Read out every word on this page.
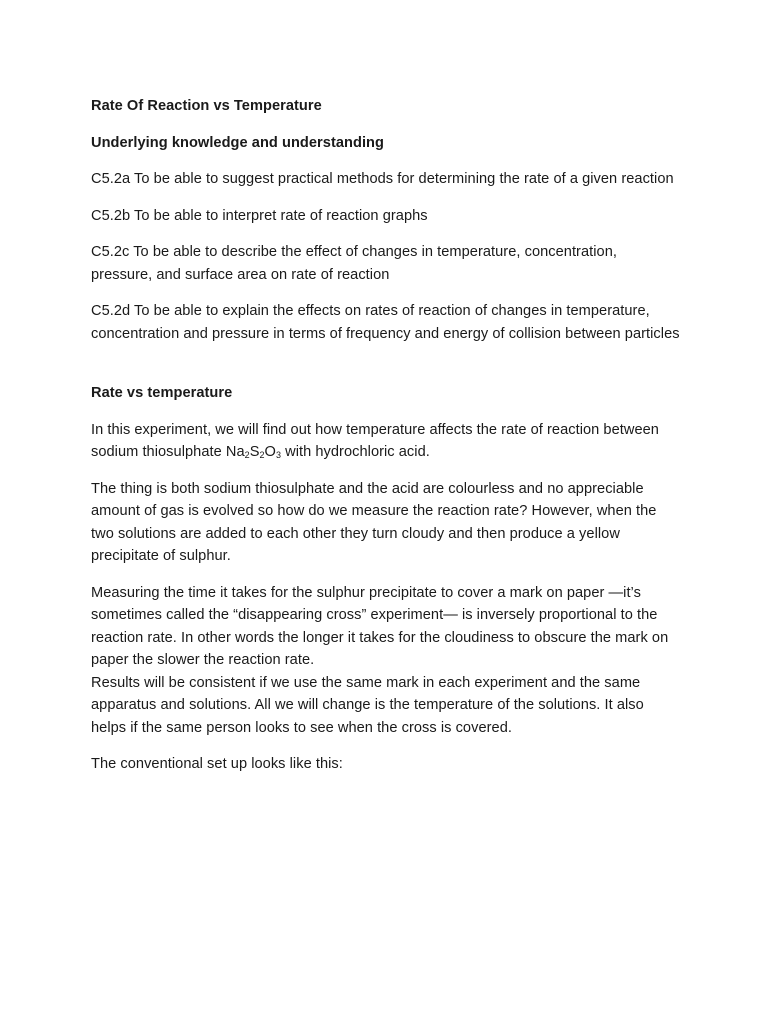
Rate Of Reaction vs Temperature

Underlying knowledge and understanding

C5.2a To be able to suggest practical methods for determining the rate of a given reaction

C5.2b To be able to interpret rate of reaction graphs

C5.2c To be able to describe the effect of changes in temperature, concentration, pressure, and surface area on rate of reaction

C5.2d To be able to explain the effects on rates of reaction of changes in temperature, concentration and pressure in terms of frequency and energy of collision between particles

Rate vs temperature

In this experiment, we will find out how temperature affects the rate of reaction between sodium thiosulphate $Na_2S_2O_3$ with hydrochloric acid.

The thing is both sodium thiosulphate and the acid are colourless and no appreciable amount of gas is evolved so how do we measure the reaction rate? However, when the two solutions are added to each other they turn cloudy and then produce a yellow precipitate of sulphur.

Measuring the time it takes for the sulphur precipitate to cover a mark on paper —it’s sometimes called the “disappearing cross” experiment— is inversely proportional to the reaction rate. In other words the longer it takes for the cloudiness to obscure the mark on paper the slower the reaction rate.

Results will be consistent if we use the same mark in each experiment and the same apparatus and solutions. All we will change is the temperature of the solutions. It also helps if the same person looks to see when the cross is covered.

The conventional set up looks like this:
